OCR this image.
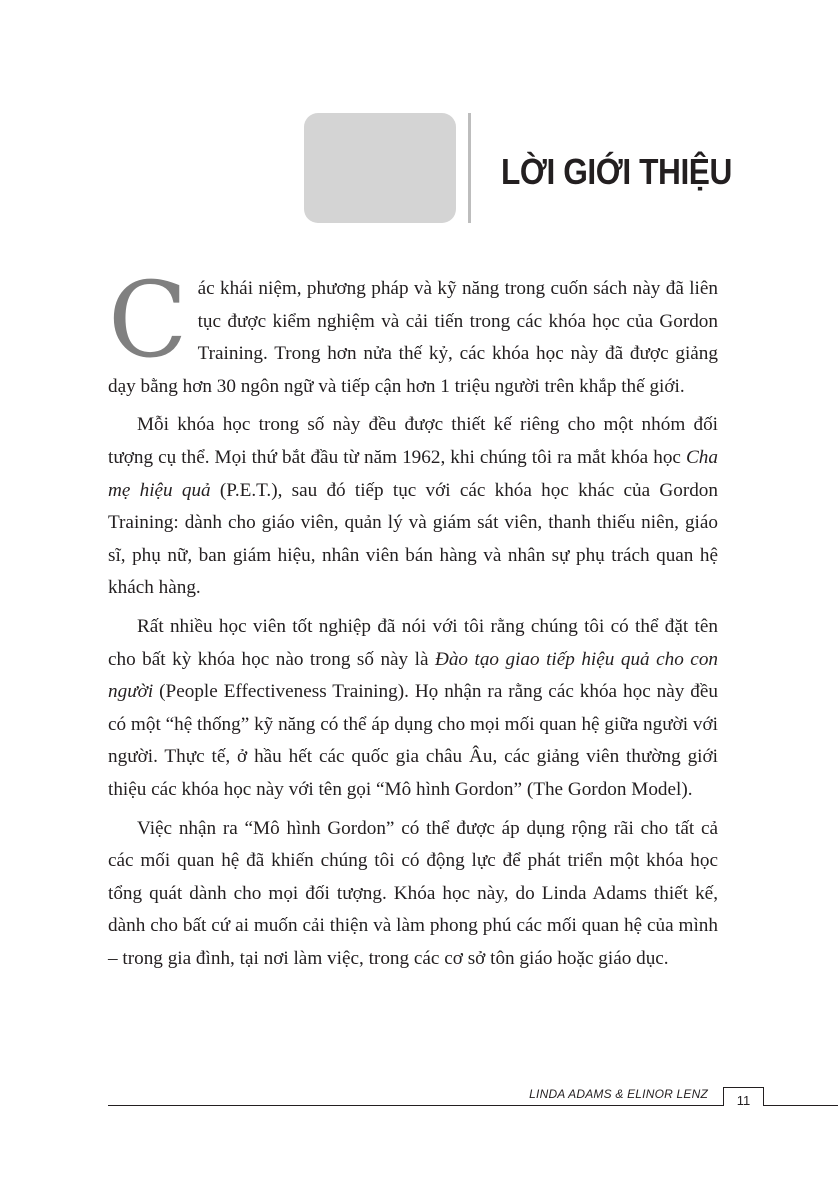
LỜI GIỚI THIỆU

Các khái niệm, phương pháp và kỹ năng trong cuốn sách này đã liên tục được kiểm nghiệm và cải tiến trong các khóa học của Gordon Training. Trong hơn nửa thế kỷ, các khóa học này đã được giảng dạy bằng hơn 30 ngôn ngữ và tiếp cận hơn 1 triệu người trên khắp thế giới.

Mỗi khóa học trong số này đều được thiết kế riêng cho một nhóm đối tượng cụ thể. Mọi thứ bắt đầu từ năm 1962, khi chúng tôi ra mắt khóa học Cha mẹ hiệu quả (P.E.T.), sau đó tiếp tục với các khóa học khác của Gordon Training: dành cho giáo viên, quản lý và giám sát viên, thanh thiếu niên, giáo sĩ, phụ nữ, ban giám hiệu, nhân viên bán hàng và nhân sự phụ trách quan hệ khách hàng.

Rất nhiều học viên tốt nghiệp đã nói với tôi rằng chúng tôi có thể đặt tên cho bất kỳ khóa học nào trong số này là Đào tạo giao tiếp hiệu quả cho con người (People Effectiveness Training). Họ nhận ra rằng các khóa học này đều có một “hệ thống” kỹ năng có thể áp dụng cho mọi mối quan hệ giữa người với người. Thực tế, ở hầu hết các quốc gia châu Âu, các giảng viên thường giới thiệu các khóa học này với tên gọi “Mô hình Gordon” (The Gordon Model).

Việc nhận ra “Mô hình Gordon” có thể được áp dụng rộng rãi cho tất cả các mối quan hệ đã khiến chúng tôi có động lực để phát triển một khóa học tổng quát dành cho mọi đối tượng. Khóa học này, do Linda Adams thiết kế, dành cho bất cứ ai muốn cải thiện và làm phong phú các mối quan hệ của mình – trong gia đình, tại nơi làm việc, trong các cơ sở tôn giáo hoặc giáo dục.

LINDA ADAMS & ELINOR LENZ	11
